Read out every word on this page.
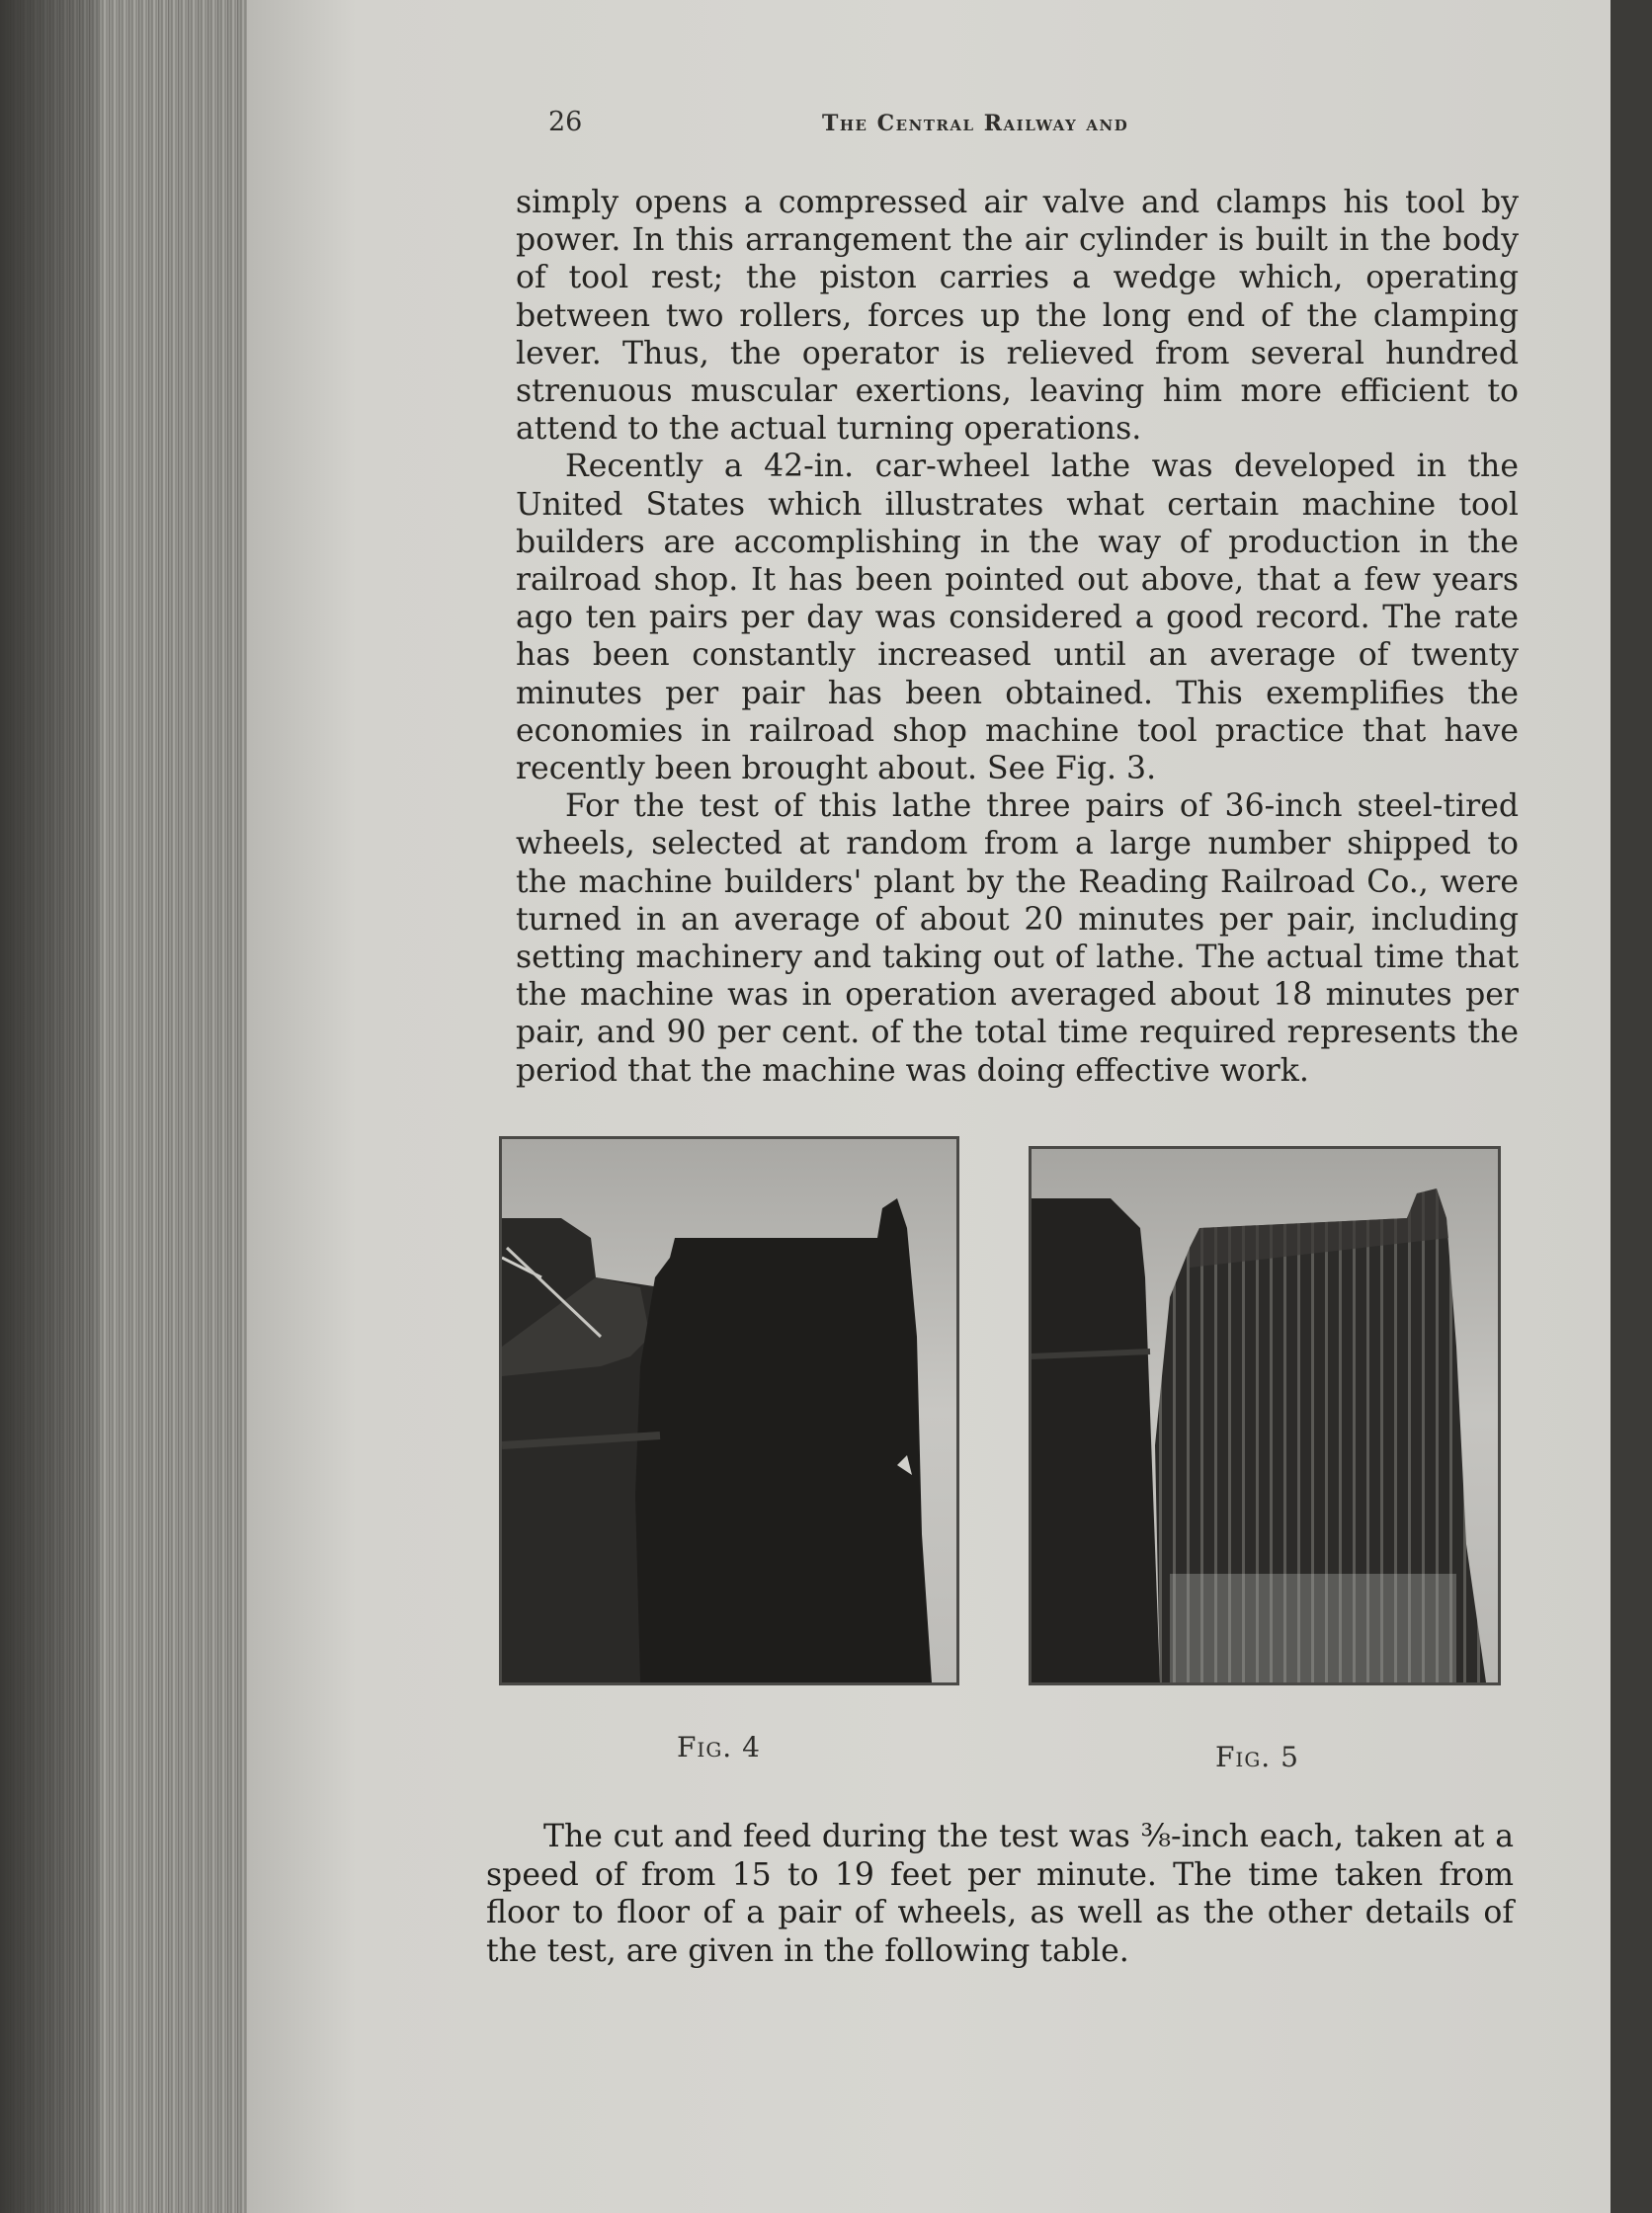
26	The Central Railway and

simply opens a compressed air valve and clamps his tool by power. In this arrangement the air cylinder is built in the body of tool rest; the piston carries a wedge which, operating between two rollers, forces up the long end of the clamping lever. Thus, the operator is relieved from several hundred strenuous muscular exertions, leaving him more efficient to attend to the actual turning operations.

Recently a 42-in. car-wheel lathe was developed in the United States which illustrates what certain machine tool builders are accomplishing in the way of production in the railroad shop. It has been pointed out above, that a few years ago ten pairs per day was considered a good record. The rate has been constantly increased until an average of twenty minutes per pair has been obtained. This exemplifies the economies in railroad shop machine tool practice that have recently been brought about. See Fig. 3.

For the test of this lathe three pairs of 36-inch steel-tired wheels, selected at random from a large number shipped to the machine builders' plant by the Reading Railroad Co., were turned in an average of about 20 minutes per pair, including setting machinery and taking out of lathe. The actual time that the machine was in operation averaged about 18 minutes per pair, and 90 per cent. of the total time required represents the period that the machine was doing effective work.

Fig. 4	Fig. 5

The cut and feed during the test was ⅜-inch each, taken at a speed of from 15 to 19 feet per minute. The time taken from floor to floor of a pair of wheels, as well as the other details of the test, are given in the following table.
